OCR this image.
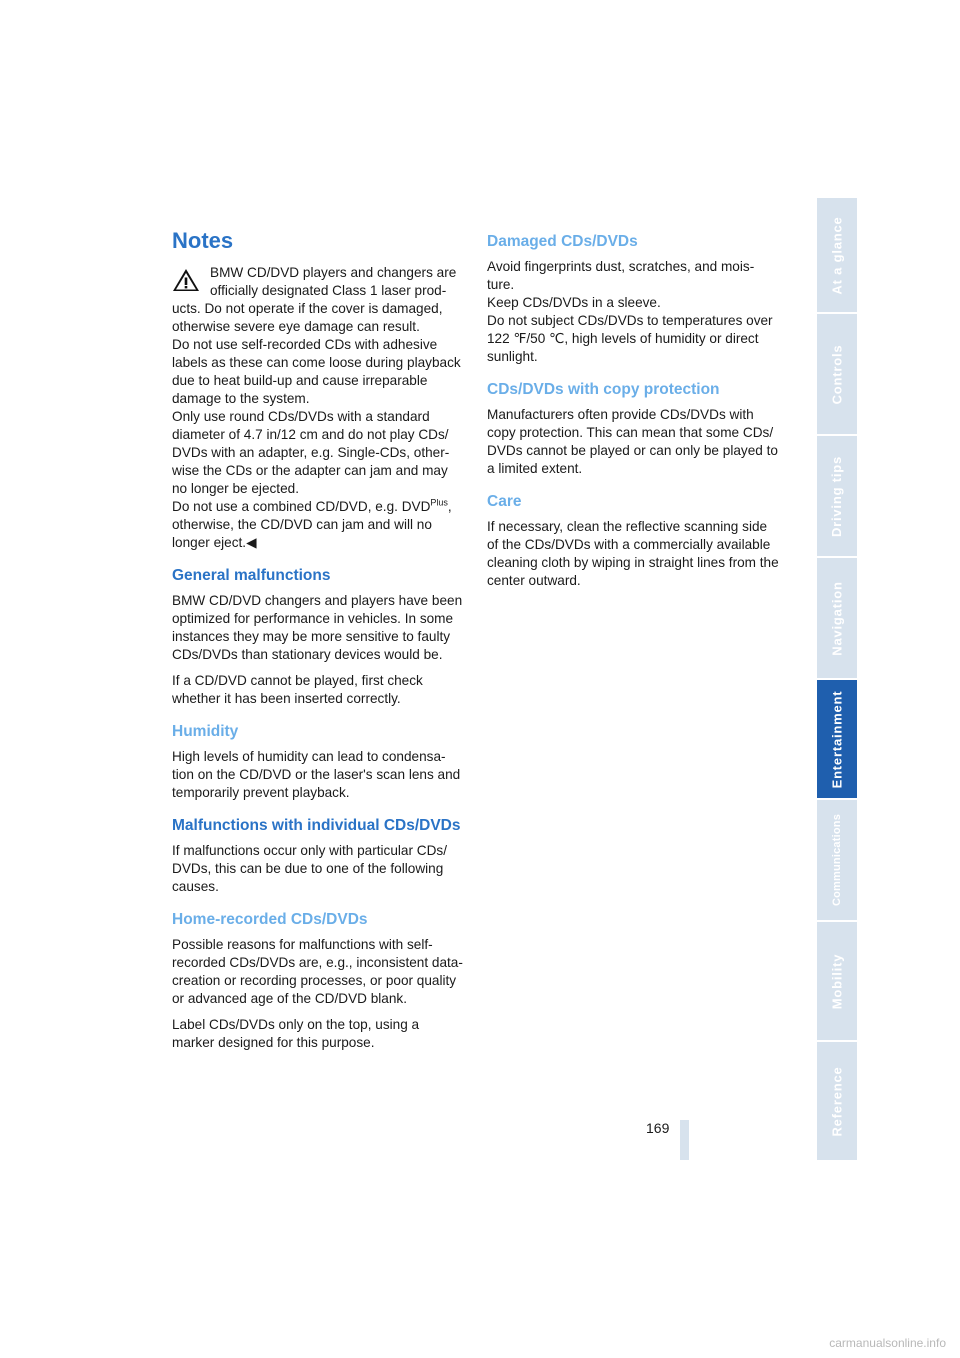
Notes

BMW CD/DVD players and changers are officially designated Class 1 laser prod-

ucts. Do not operate if the cover is damaged, otherwise severe eye damage can result.

Do not use self-recorded CDs with adhesive labels as these can come loose during playback due to heat build-up and cause irreparable damage to the system.

Only use round CDs/DVDs with a standard diameter of 4.7 in/12 cm and do not play CDs/ DVDs with an adapter, e.g. Single-CDs, other- wise the CDs or the adapter can jam and may no longer be ejected.

Do not use a combined CD/DVD, e.g. $DVD^{Plus}$, otherwise, the CD/DVD can jam and will no longer eject.◀

General malfunctions

BMW CD/DVD changers and players have been optimized for performance in vehicles. In some instances they may be more sensitive to faulty CDs/DVDs than stationary devices would be.

If a CD/DVD cannot be played, first check whether it has been inserted correctly.

Humidity

High levels of humidity can lead to condensa- tion on the CD/DVD or the laser's scan lens and temporarily prevent playback.

Malfunctions with individual CDs/DVDs

If malfunctions occur only with particular CDs/ DVDs, this can be due to one of the following causes.

Home-recorded CDs/DVDs

Possible reasons for malfunctions with self- recorded CDs/DVDs are, e.g., inconsistent data-creation or recording processes, or poor quality or advanced age of the CD/DVD blank.

Label CDs/DVDs only on the top, using a marker designed for this purpose.

Damaged CDs/DVDs

Avoid fingerprints dust, scratches, and mois- ture.

Keep CDs/DVDs in a sleeve.

Do not subject CDs/DVDs to temperatures over 122 ℉/50 ℃, high levels of humidity or direct sunlight.

CDs/DVDs with copy protection

Manufacturers often provide CDs/DVDs with copy protection. This can mean that some CDs/ DVDs cannot be played or can only be played to a limited extent.

Care

If necessary, clean the reflective scanning side of the CDs/DVDs with a commercially available cleaning cloth by wiping in straight lines from the center outward.

At a glance
Controls
Driving tips
Navigation
Entertainment
Communications
Mobility
Reference
169
carmanualsonline.info
